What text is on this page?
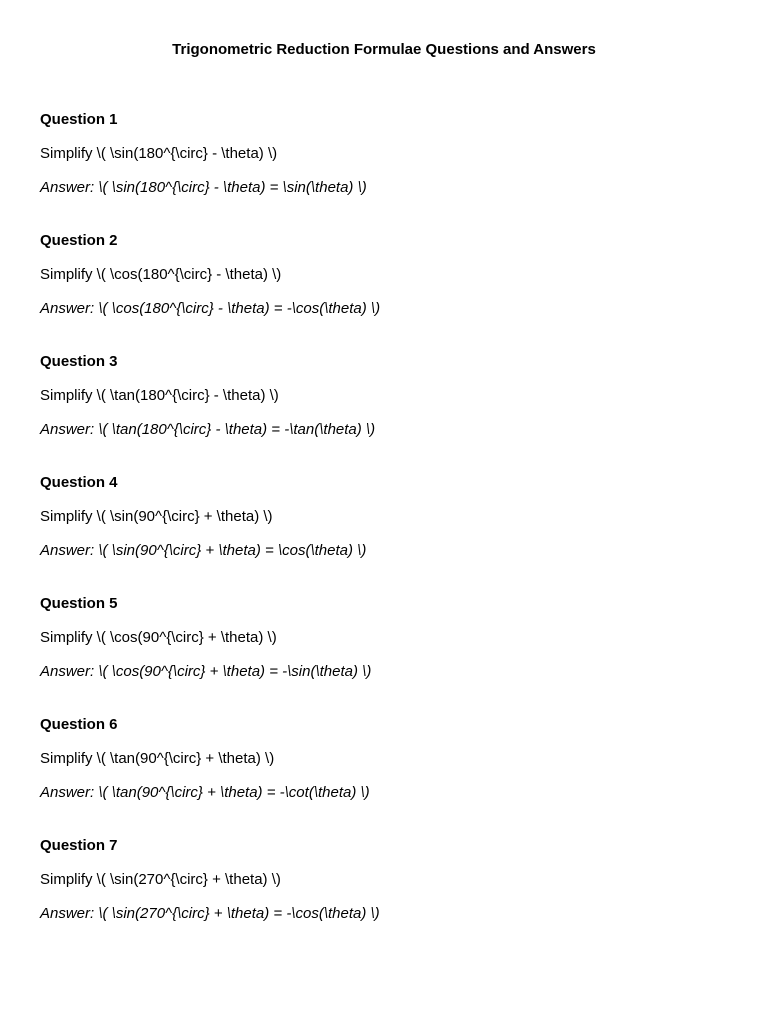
Trigonometric Reduction Formulae Questions and Answers
Question 1
Simplify \( \sin(180^{\circ} - \theta) \)
Answer: \( \sin(180^{\circ} - \theta) = \sin(\theta) \)
Question 2
Simplify \( \cos(180^{\circ} - \theta) \)
Answer: \( \cos(180^{\circ} - \theta) = -\cos(\theta) \)
Question 3
Simplify \( \tan(180^{\circ} - \theta) \)
Answer: \( \tan(180^{\circ} - \theta) = -\tan(\theta) \)
Question 4
Simplify \( \sin(90^{\circ} + \theta) \)
Answer: \( \sin(90^{\circ} + \theta) = \cos(\theta) \)
Question 5
Simplify \( \cos(90^{\circ} + \theta) \)
Answer: \( \cos(90^{\circ} + \theta) = -\sin(\theta) \)
Question 6
Simplify \( \tan(90^{\circ} + \theta) \)
Answer: \( \tan(90^{\circ} + \theta) = -\cot(\theta) \)
Question 7
Simplify \( \sin(270^{\circ} + \theta) \)
Answer: \( \sin(270^{\circ} + \theta) = -\cos(\theta) \)
